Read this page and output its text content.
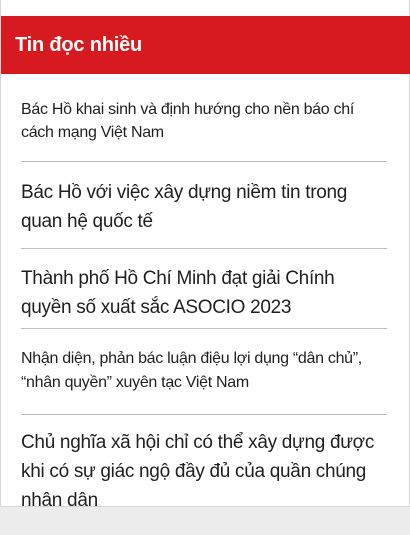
Tin đọc nhiều
Bác Hồ khai sinh và định hướng cho nền báo chí cách mạng Việt Nam
Bác Hồ với việc xây dựng niềm tin trong quan hệ quốc tế
Thành phố Hồ Chí Minh đạt giải Chính quyền số xuất sắc ASOCIO 2023
Nhận diện, phản bác luận điệu lợi dụng “dân chủ”, “nhân quyền” xuyên tạc Việt Nam
Chủ nghĩa xã hội chỉ có thể xây dựng được khi có sự giác ngộ đầy đủ của quần chúng nhân dân
